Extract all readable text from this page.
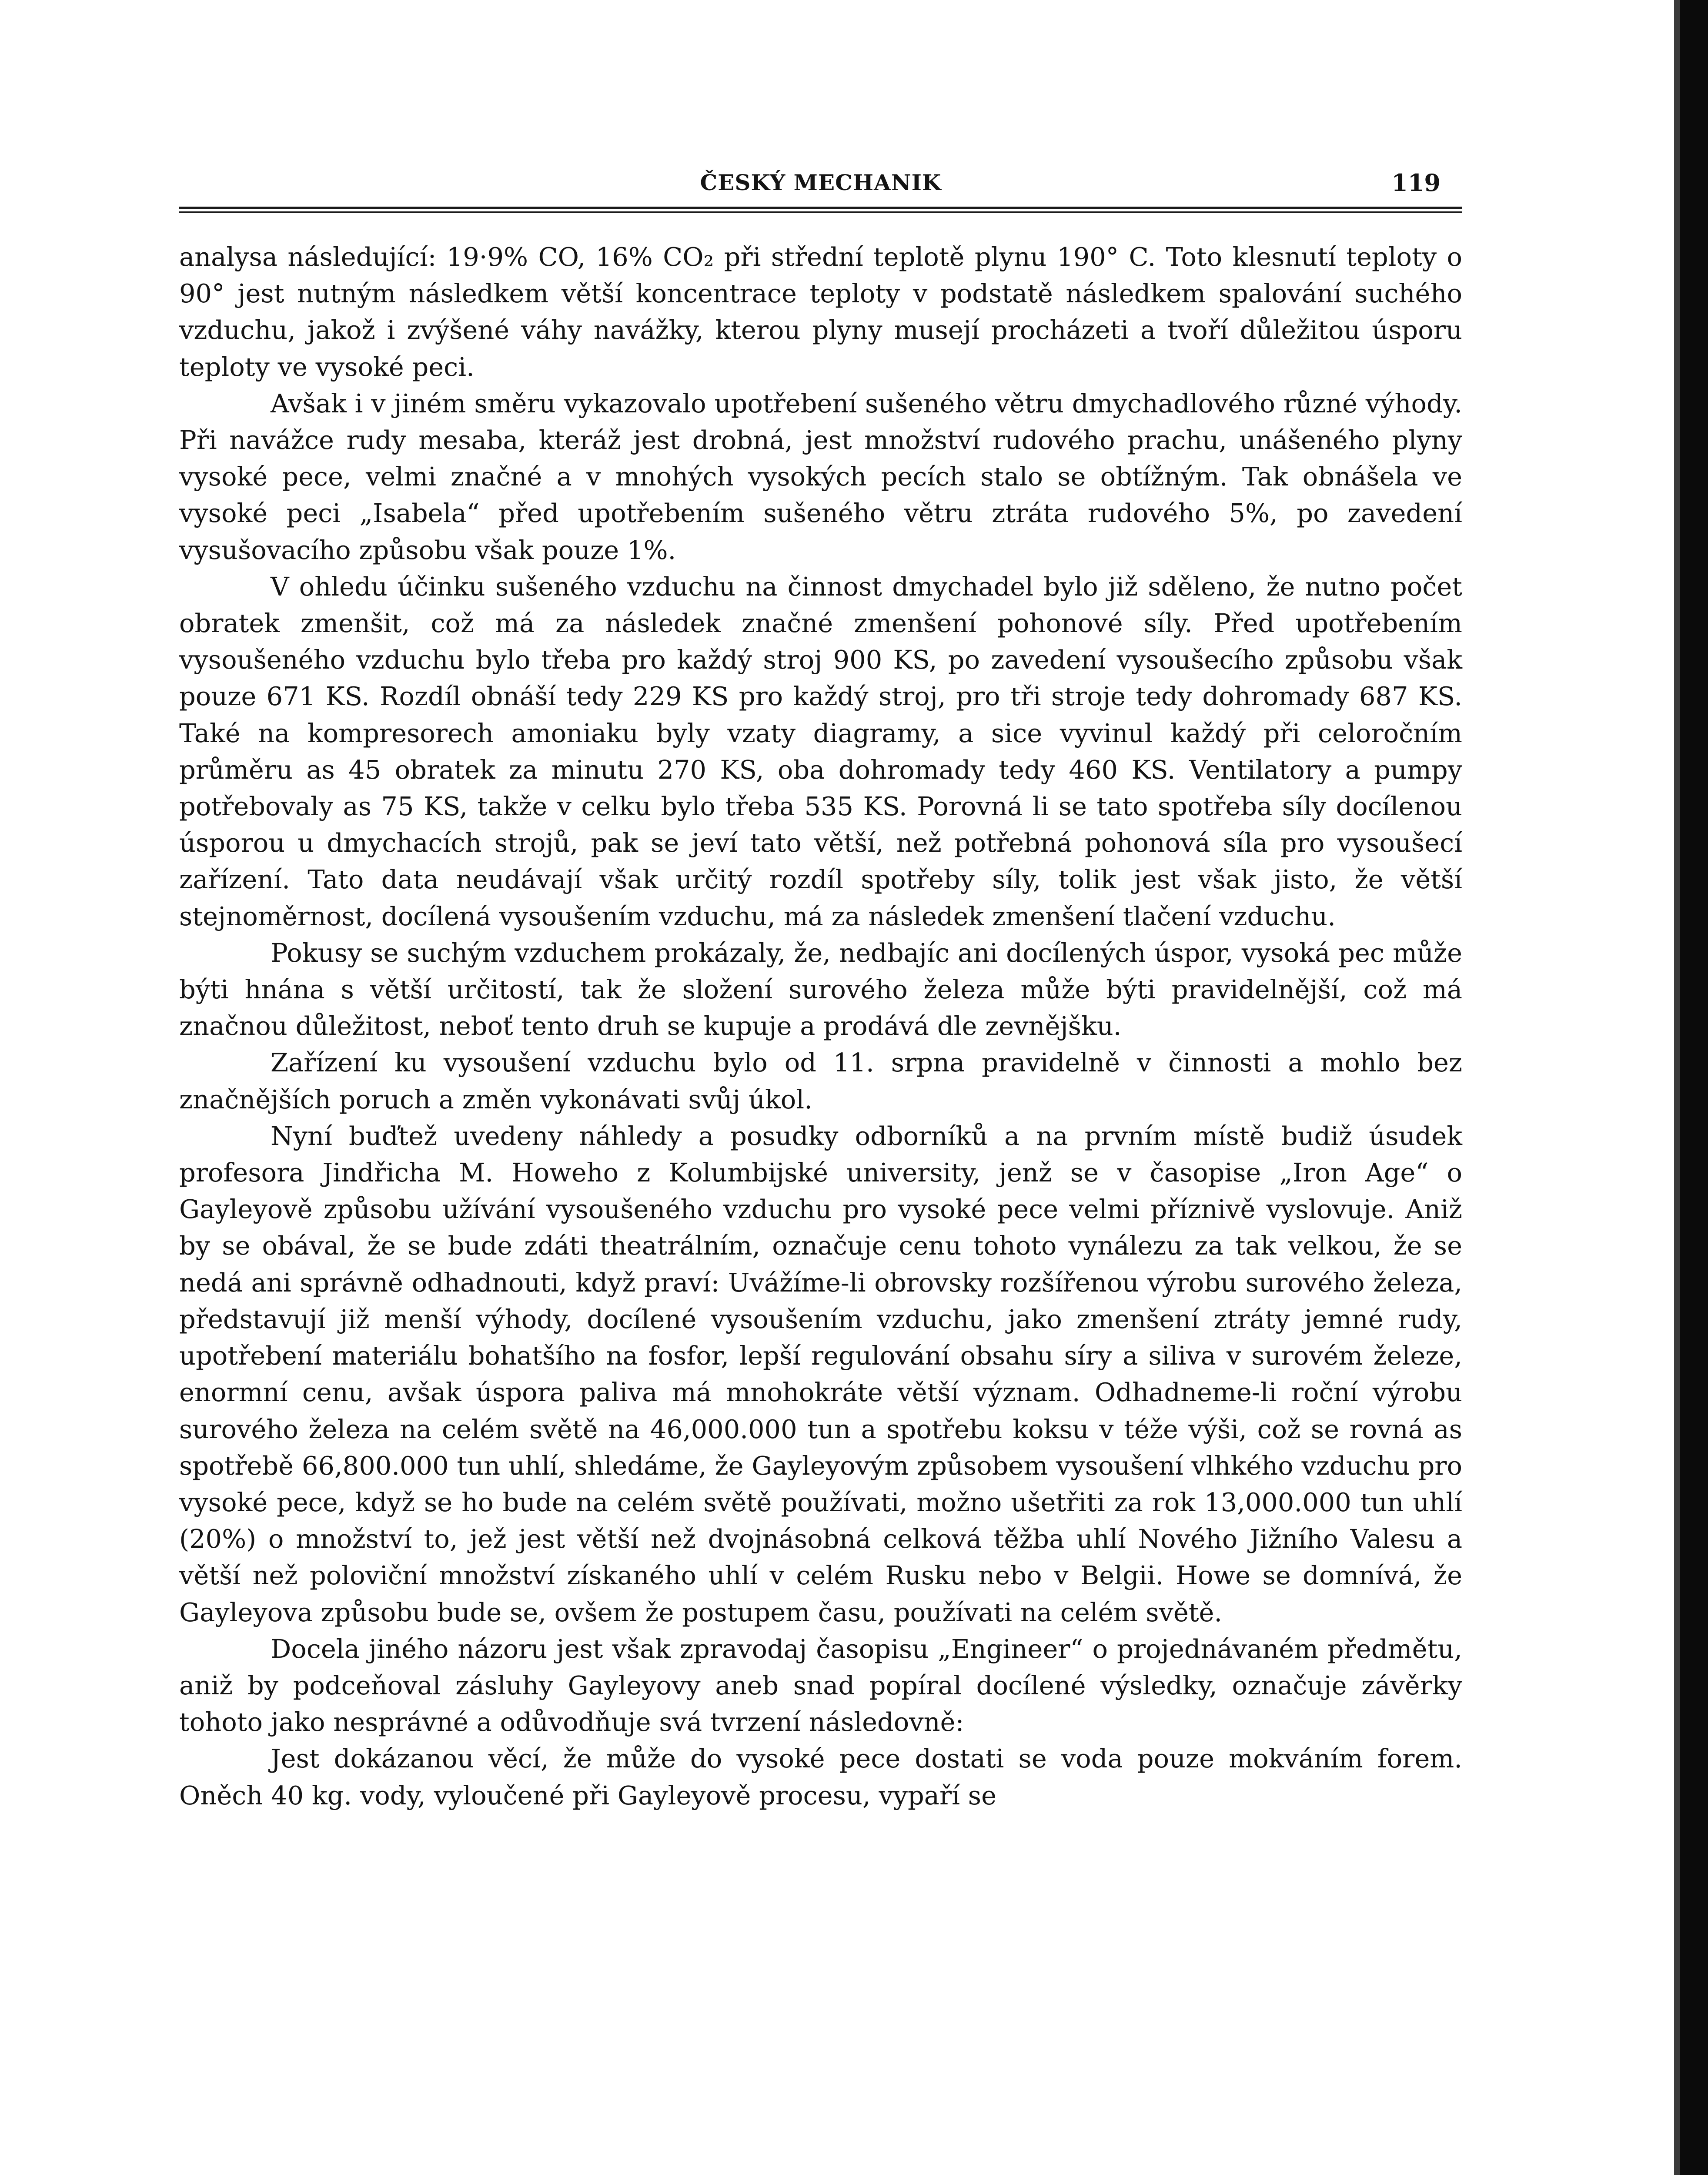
ČESKÝ MECHANIK	119

analysa následující: 19·9% CO, 16% CO₂ při střední teplotě plynu 190° C. Toto klesnutí teploty o 90° jest nutným následkem větší koncentrace teploty v podstatě následkem spalování suchého vzduchu, jakož i zvýšené váhy navážky, kterou plyny musejí procházeti a tvoří důležitou úsporu teploty ve vysoké peci.

Avšak i v jiném směru vykazovalo upotřebení sušeného větru dmychadlového různé výhody. Při navážce rudy mesaba, kteráž jest drobná, jest množství rudového prachu, unášeného plyny vysoké pece, velmi značné a v mnohých vysokých pecích stalo se obtížným. Tak obnášela ve vysoké peci „Isabela“ před upotřebením sušeného větru ztráta rudového 5%, po zavedení vysušovacího způsobu však pouze 1%.

V ohledu účinku sušeného vzduchu na činnost dmychadel bylo již sděleno, že nutno počet obratek zmenšit, což má za následek značné zmenšení pohonové síly. Před upotřebením vysoušeného vzduchu bylo třeba pro každý stroj 900 KS, po zavedení vysoušecího způsobu však pouze 671 KS. Rozdíl obnáší tedy 229 KS pro každý stroj, pro tři stroje tedy dohromady 687 KS. Také na kompresorech amoniaku byly vzaty diagramy, a sice vyvinul každý při celoročním průměru as 45 obratek za minutu 270 KS, oba dohromady tedy 460 KS. Ventilatory a pumpy potřebovaly as 75 KS, takže v celku bylo třeba 535 KS. Porovná li se tato spotřeba síly docílenou úsporou u dmychacích strojů, pak se jeví tato větší, než potřebná pohonová síla pro vysoušecí zařízení. Tato data neudávají však určitý rozdíl spotřeby síly, tolik jest však jisto, že větší stejnoměrnost, docílená vysoušením vzduchu, má za následek zmenšení tlačení vzduchu.

Pokusy se suchým vzduchem prokázaly, že, nedbajíc ani docílených úspor, vysoká pec může býti hnána s větší určitostí, tak že složení surového železa může býti pravidelnější, což má značnou důležitost, neboť tento druh se kupuje a prodává dle zevnějšku.

Zařízení ku vysoušení vzduchu bylo od 11. srpna pravidelně v činnosti a mohlo bez značnějších poruch a změn vykonávati svůj úkol.

Nyní buďtež uvedeny náhledy a posudky odborníků a na prvním místě budiž úsudek profesora Jindřicha M. Howeho z Kolumbijské university, jenž se v časopise „Iron Age“ o Gayleyově způsobu užívání vysoušeného vzduchu pro vysoké pece velmi příznivě vyslovuje. Aniž by se obával, že se bude zdáti theatrálním, označuje cenu tohoto vynálezu za tak velkou, že se nedá ani správně odhadnouti, když praví: Uvážíme-li obrovsky rozšířenou výrobu surového železa, představují již menší výhody, docílené vysoušením vzduchu, jako zmenšení ztráty jemné rudy, upotřebení materiálu bohatšího na fosfor, lepší regulování obsahu síry a siliva v surovém železe, enormní cenu, avšak úspora paliva má mnohokráte větší význam. Odhadneme-li roční výrobu surového železa na celém světě na 46,000.000 tun a spotřebu koksu v téže výši, což se rovná as spotřebě 66,800.000 tun uhlí, shledáme, že Gayleyovým způsobem vysoušení vlhkého vzduchu pro vysoké pece, když se ho bude na celém světě používati, možno ušetřiti za rok 13,000.000 tun uhlí (20%) o množství to, jež jest větší než dvojnásobná celková těžba uhlí Nového Jižního Valesu a větší než poloviční množství získaného uhlí v celém Rusku nebo v Belgii. Howe se domnívá, že Gayleyova způsobu bude se, ovšem že postupem času, používati na celém světě.

Docela jiného názoru jest však zpravodaj časopisu „Engineer“ o projednávaném předmětu, aniž by podceňoval zásluhy Gayleyovy aneb snad popíral docílené výsledky, označuje závěrky tohoto jako nesprávné a odůvodňuje svá tvrzení následovně:

Jest dokázanou věcí, že může do vysoké pece dostati se voda pouze mokváním forem. Oněch 40 kg. vody, vyloučené při Gayleyově procesu, vypaří se
